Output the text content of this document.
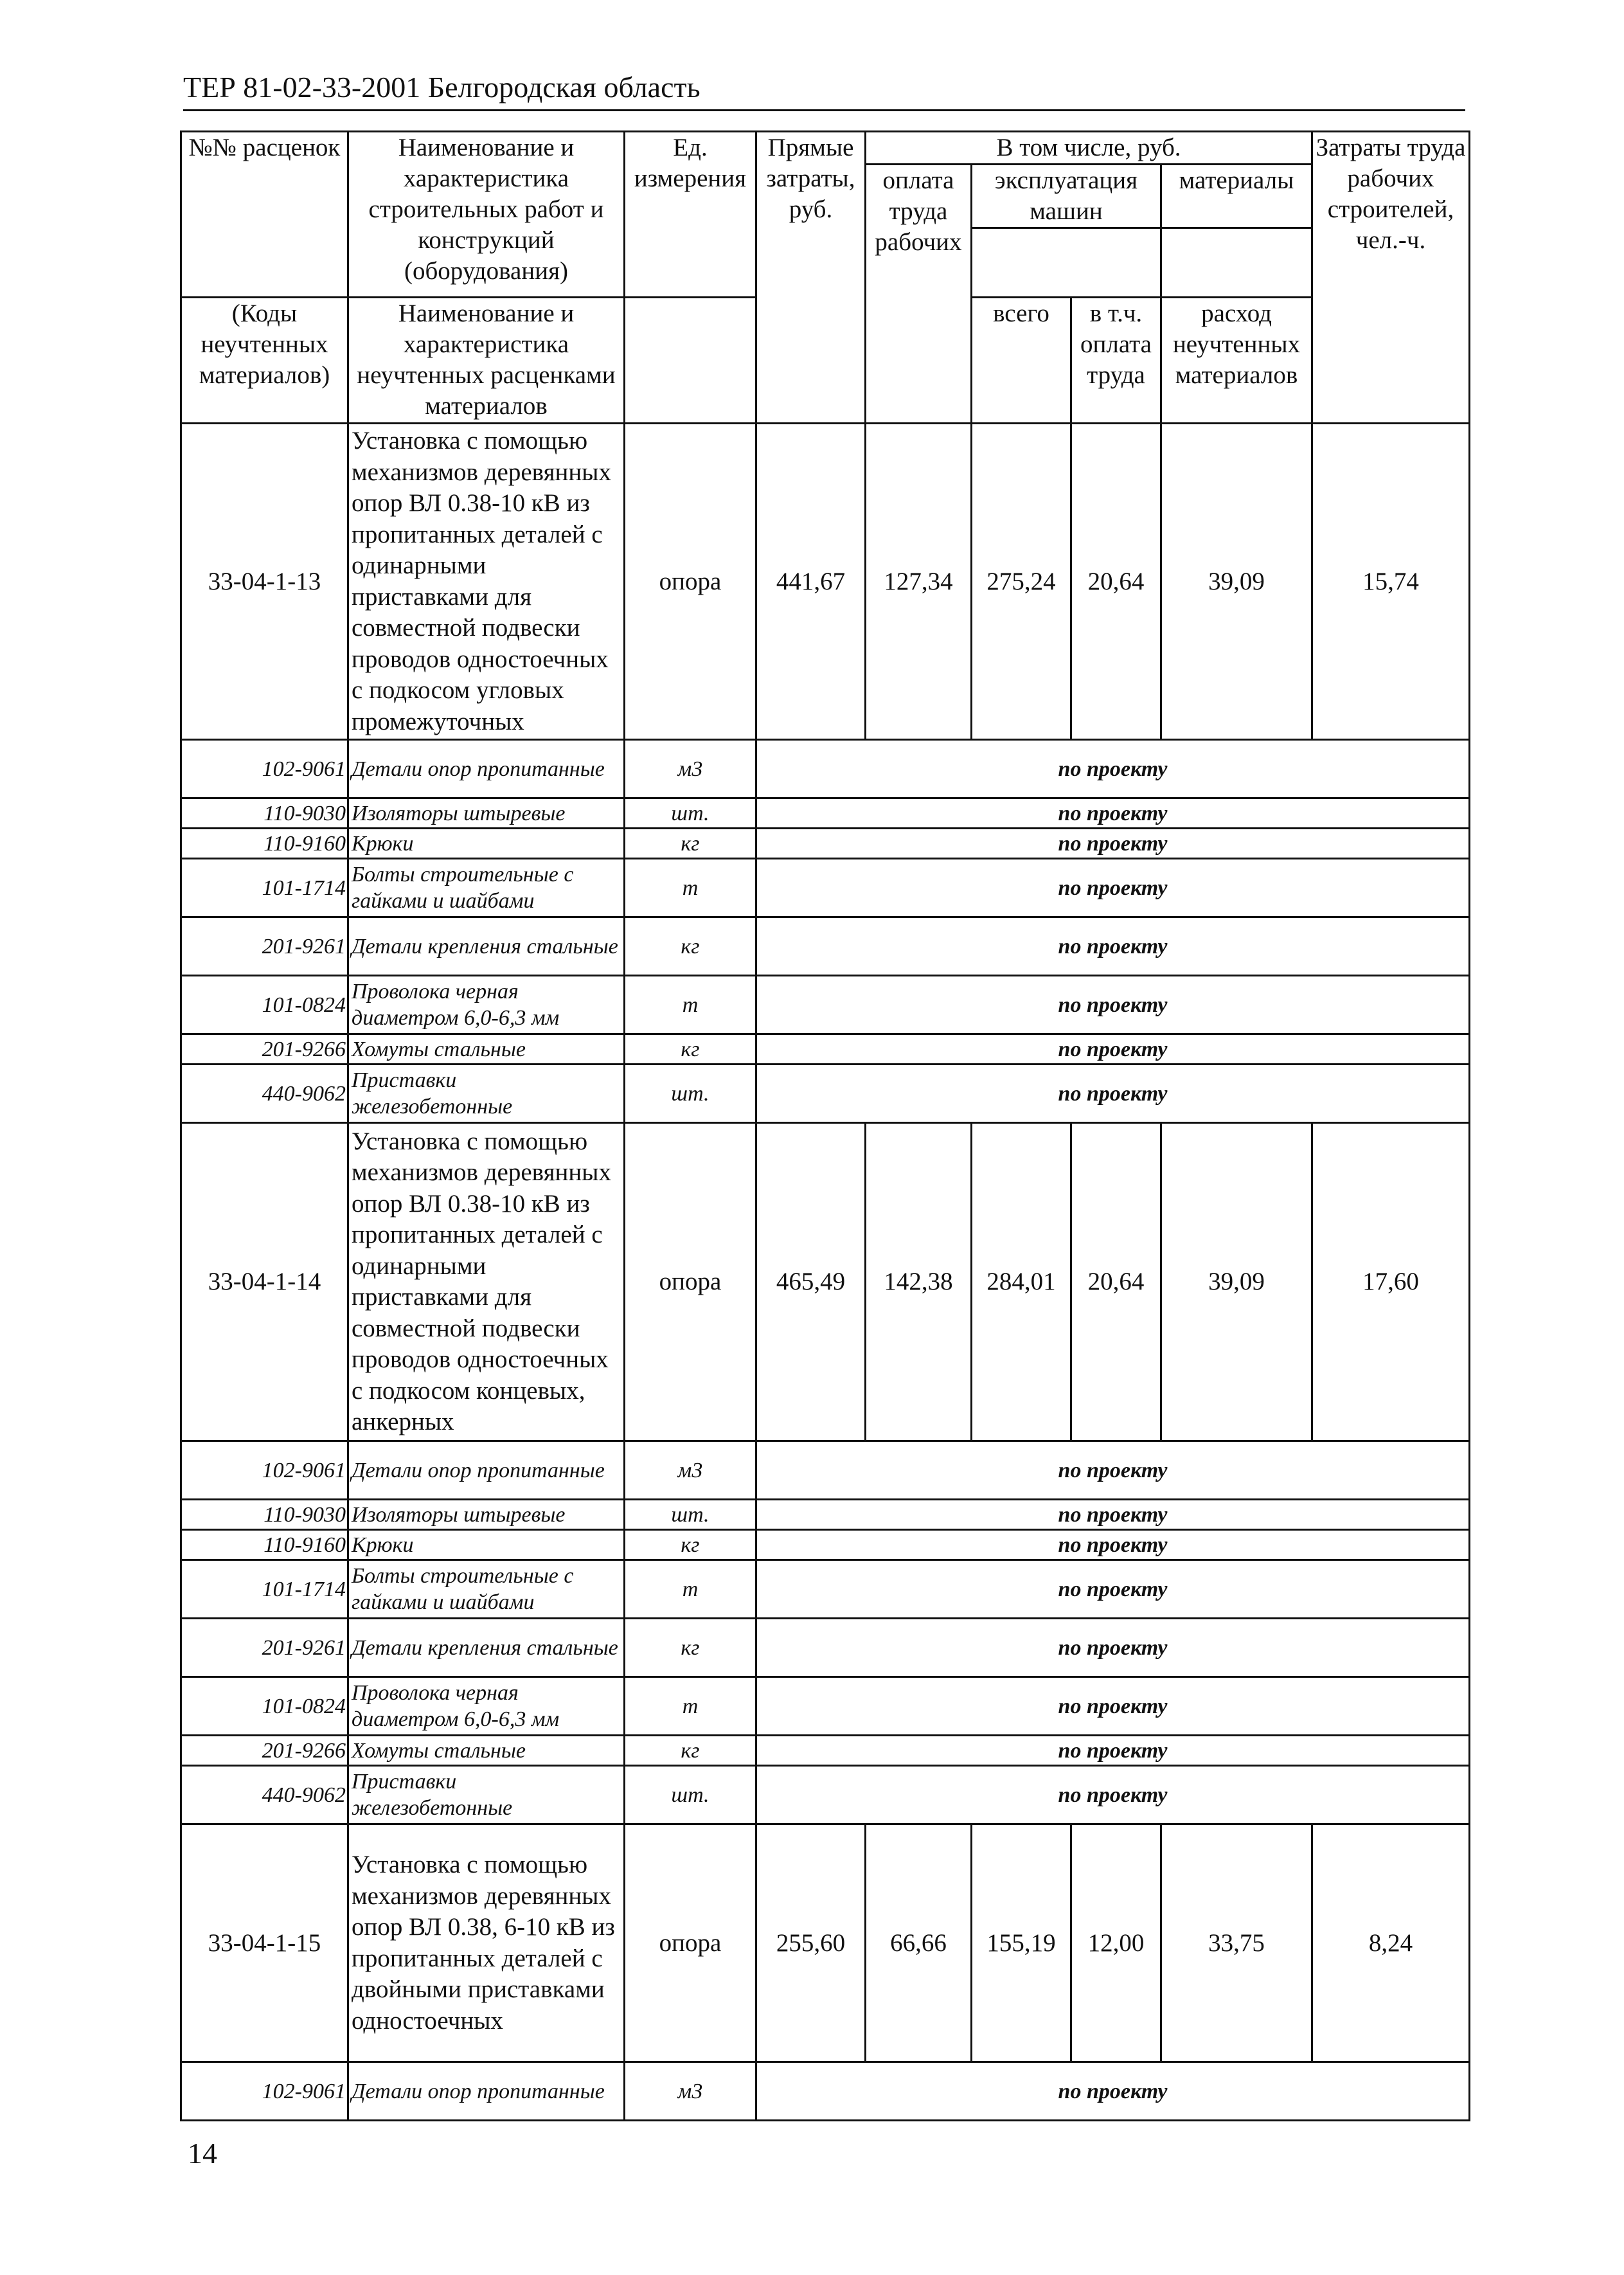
ТЕР 81-02-33-2001 Белгородская область
№№ расценок	Наименование и характеристика строительных работ и конструкций (оборудования)	Ед. измерения	Прямые затраты, руб.	В том числе, руб.				Затраты труда рабочих строителей, чел.-ч.
				оплата труда рабочих	эксплуатация машин		материалы	

(Коды неучтенных материалов)	Наименование и характеристика неучтенных расценками материалов				всего	в т.ч. оплата труда	расход неучтенных материалов	
33-04-1-13	Установка с помощью механизмов деревянных опор ВЛ 0.38-10 кВ из пропитанных деталей с одинарными приставками для совместной подвески проводов одностоечных с подкосом угловых промежуточных	опора	441,67	127,34	275,24	20,64	39,09	15,74
102-9061	Детали опор пропитанные	м3	по проекту					
110-9030	Изоляторы штыревые	шт.	по проекту					
110-9160	Крюки	кг	по проекту					
101-1714	Болты строительные с гайками и шайбами	т	по проекту					
201-9261	Детали крепления стальные	кг	по проекту					
101-0824	Проволока черная диаметром 6,0-6,3 мм	т	по проекту					
201-9266	Хомуты стальные	кг	по проекту					
440-9062	Приставки железобетонные	шт.	по проекту					
33-04-1-14	Установка с помощью механизмов деревянных опор ВЛ 0.38-10 кВ из пропитанных деталей с одинарными приставками для совместной подвески проводов одностоечных с подкосом концевых, анкерных	опора	465,49	142,38	284,01	20,64	39,09	17,60
102-9061	Детали опор пропитанные	м3	по проекту					
110-9030	Изоляторы штыревые	шт.	по проекту					
110-9160	Крюки	кг	по проекту					
101-1714	Болты строительные с гайками и шайбами	т	по проекту					
201-9261	Детали крепления стальные	кг	по проекту					
101-0824	Проволока черная диаметром 6,0-6,3 мм	т	по проекту					
201-9266	Хомуты стальные	кг	по проекту					
440-9062	Приставки железобетонные	шт.	по проекту					
33-04-1-15	Установка с помощью механизмов деревянных опор ВЛ 0.38, 6-10 кВ из пропитанных деталей с двойными приставками одностоечных	опора	255,60	66,66	155,19	12,00	33,75	8,24
102-9061	Детали опор пропитанные	м3	по проекту					
14
